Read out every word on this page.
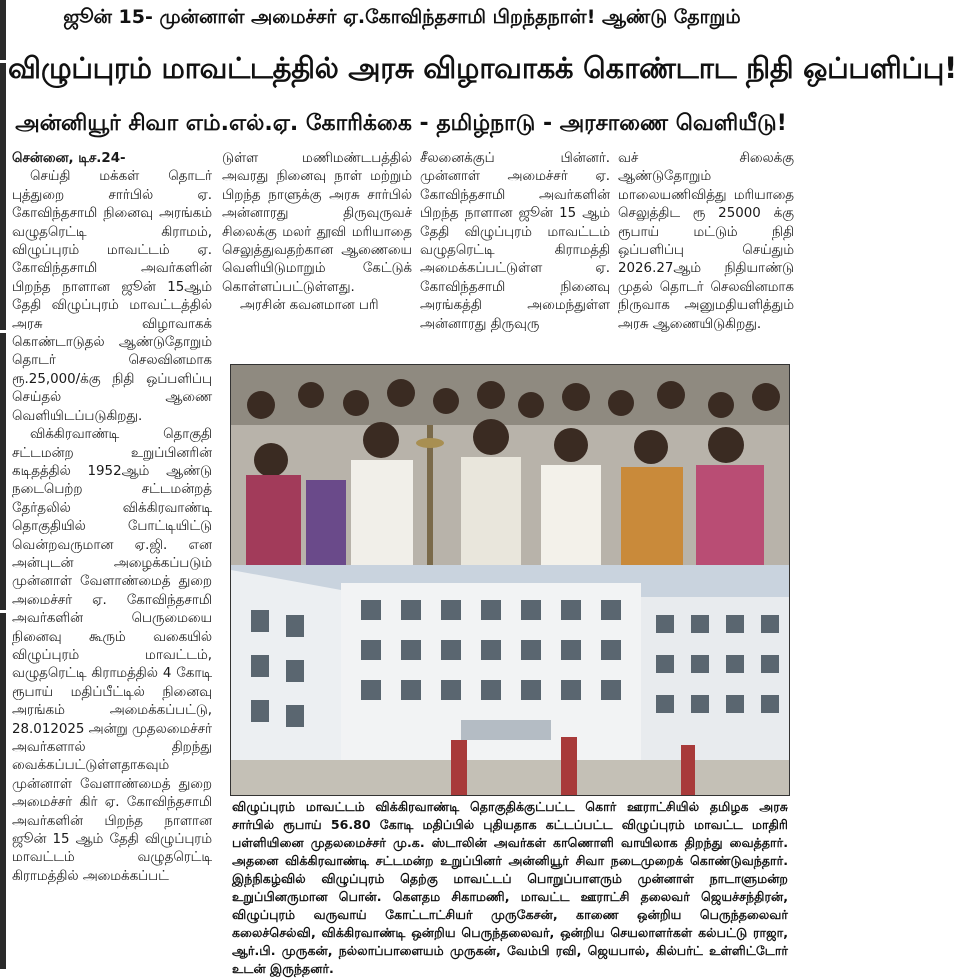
ஜூன் 15- முன்னாள் அமைச்சர் ஏ.கோவிந்தசாமி பிறந்தநாள்! ஆண்டு தோறும்
விழுப்புரம் மாவட்டத்தில் அரசு விழாவாகக் கொண்டாட நிதி ஒப்பளிப்பு!
அன்னியூர் சிவா எம்.எல்.ஏ. கோரிக்கை - தமிழ்நாடு - அரசாணை வெளியீடு!

சென்னை, டிச.24-

செய்தி மக்கள் தொடர் புத்துறை சார்பில் ஏ. கோவிந்தசாமி நினைவு அரங்கம் வழுதரெட்டி கிராமம், விழுப்புரம் மாவட்டம் ஏ. கோவிந்தசாமி அவர்களின் பிறந்த நாளான ஜூன் 15ஆம் தேதி விழுப்புரம் மாவட்டத்தில் அரசு விழாவாகக் கொண்டாடுதல் ஆண்டுதோறும் தொடர் செலவினமாக ரூ.25,000/க்கு நிதி ஒப்பளிப்பு செய்தல் ஆணை வெளியிடப்படுகிறது.

விக்கிரவாண்டி தொகுதி சட்டமன்ற உறுப்பினரின் கடிதத்தில் 1952ஆம் ஆண்டு நடைபெற்ற சட்டமன்றத் தேர்தலில் விக்கிரவாண்டி தொகுதியில் போட்டியிட்டு வென்றவருமான ஏ.ஜி. என அன்புடன் அழைக்கப்படும் முன்னாள் வேளாண்மைத் துறை அமைச்சர் ஏ. கோவிந்தசாமி அவர்களின் பெருமையை நினைவு கூரும் வகையில் விழுப்புரம் மாவட்டம், வழுதரெட்டி கிராமத்தில் 4 கோடி ரூபாய் மதிப்பீட்டில் நினைவு அரங்கம் அமைக்கப்பட்டு, 28.012025 அன்று முதலமைச்சர் அவர்களால் திறந்து வைக்கப்பட்டுள்ளதாகவும் முன்னாள் வேளாண்மைத் துறை அமைச்சர் கிர் ஏ. கோவிந்தசாமி அவர்களின் பிறந்த நாளான ஜூன் 15 ஆம் தேதி விழுப்புரம் மாவட்டம் வழுதரெட்டி கிராமத்தில் அமைக்கப்பட்

டுள்ள மணிமண்டபத்தில் அவரது நினைவு நாள் மற்றும் பிறந்த நாளுக்கு அரசு சார்பில் அன்னாரது திருவுருவச் சிலைக்கு மலர் தூவி மரியாதை செலுத்துவதற்கான ஆணையை வெளியிடுமாறும் கேட்டுக் கொள்ளப்பட்டுள்ளது.

அரசின் கவனமான பரி

சீலனைக்குப் பின்னர். முன்னாள் அமைச்சர் ஏ. கோவிந்தசாமி அவர்களின் பிறந்த நாளான ஜூன் 15 ஆம் தேதி விழுப்புரம் மாவட்டம் வழுதரெட்டி கிராமத்தி அமைக்கப்பட்டுள்ள ஏ. கோவிந்தசாமி நினைவு அரங்கத்தி அமைந்துள்ள அன்னாரது திருவுரு

வச் சிலைக்கு ஆண்டுதோறும் மாலையணிவித்து மரியாதை செலுத்திட ரூ 25000 க்கு ரூபாய் மட்டும் நிதி ஒப்பளிப்பு செய்தும் 2026.27ஆம் நிதியாண்டு முதல் தொடர் செலவினமாக நிருவாக அனுமதியளித்தும் அரசு ஆணையிடுகிறது.

விழுப்புரம் மாவட்டம் விக்கிரவாண்டி தொகுதிக்குட்பட்ட கொர் ஊராட்சியில் தமிழக அரசு சார்பில் ரூபாய் 56.80 கோடி மதிப்பில் புதியதாக கட்டப்பட்ட விழுப்புரம் மாவட்ட மாதிரி பள்ளியினை முதலமைச்சர் மு.க. ஸ்டாலின் அவர்கள் காணொளி வாயிலாக திறந்து வைத்தார். அதனை விக்கிரவாண்டி சட்டமன்ற உறுப்பினர் அன்னியூர் சிவா நடைமுறைக் கொண்டுவந்தார். இந்நிகழ்வில் விழுப்புரம் தெற்கு மாவட்டப் பொறுப்பாளரும் முன்னாள் நாடாளுமன்ற உறுப்பினருமான பொன். கௌதம சிகாமணி, மாவட்ட ஊராட்சி தலைவர் ஜெயச்சந்திரன், விழுப்புரம் வருவாய் கோட்டாட்சியர் முருகேசன், காணை ஒன்றிய பெருந்தலைவர் கலைச்செல்வி, விக்கிரவாண்டி ஒன்றிய பெருந்தலைவர், ஒன்றிய செயலாளர்கள் கல்பட்டு ராஜா, ஆர்.பி. முருகன், நல்லாப்பாளையம் முருகன், வேம்பி ரவி, ஜெயபால், கில்பர்ட் உள்ளிட்டோர் உடன் இருந்தனர்.
